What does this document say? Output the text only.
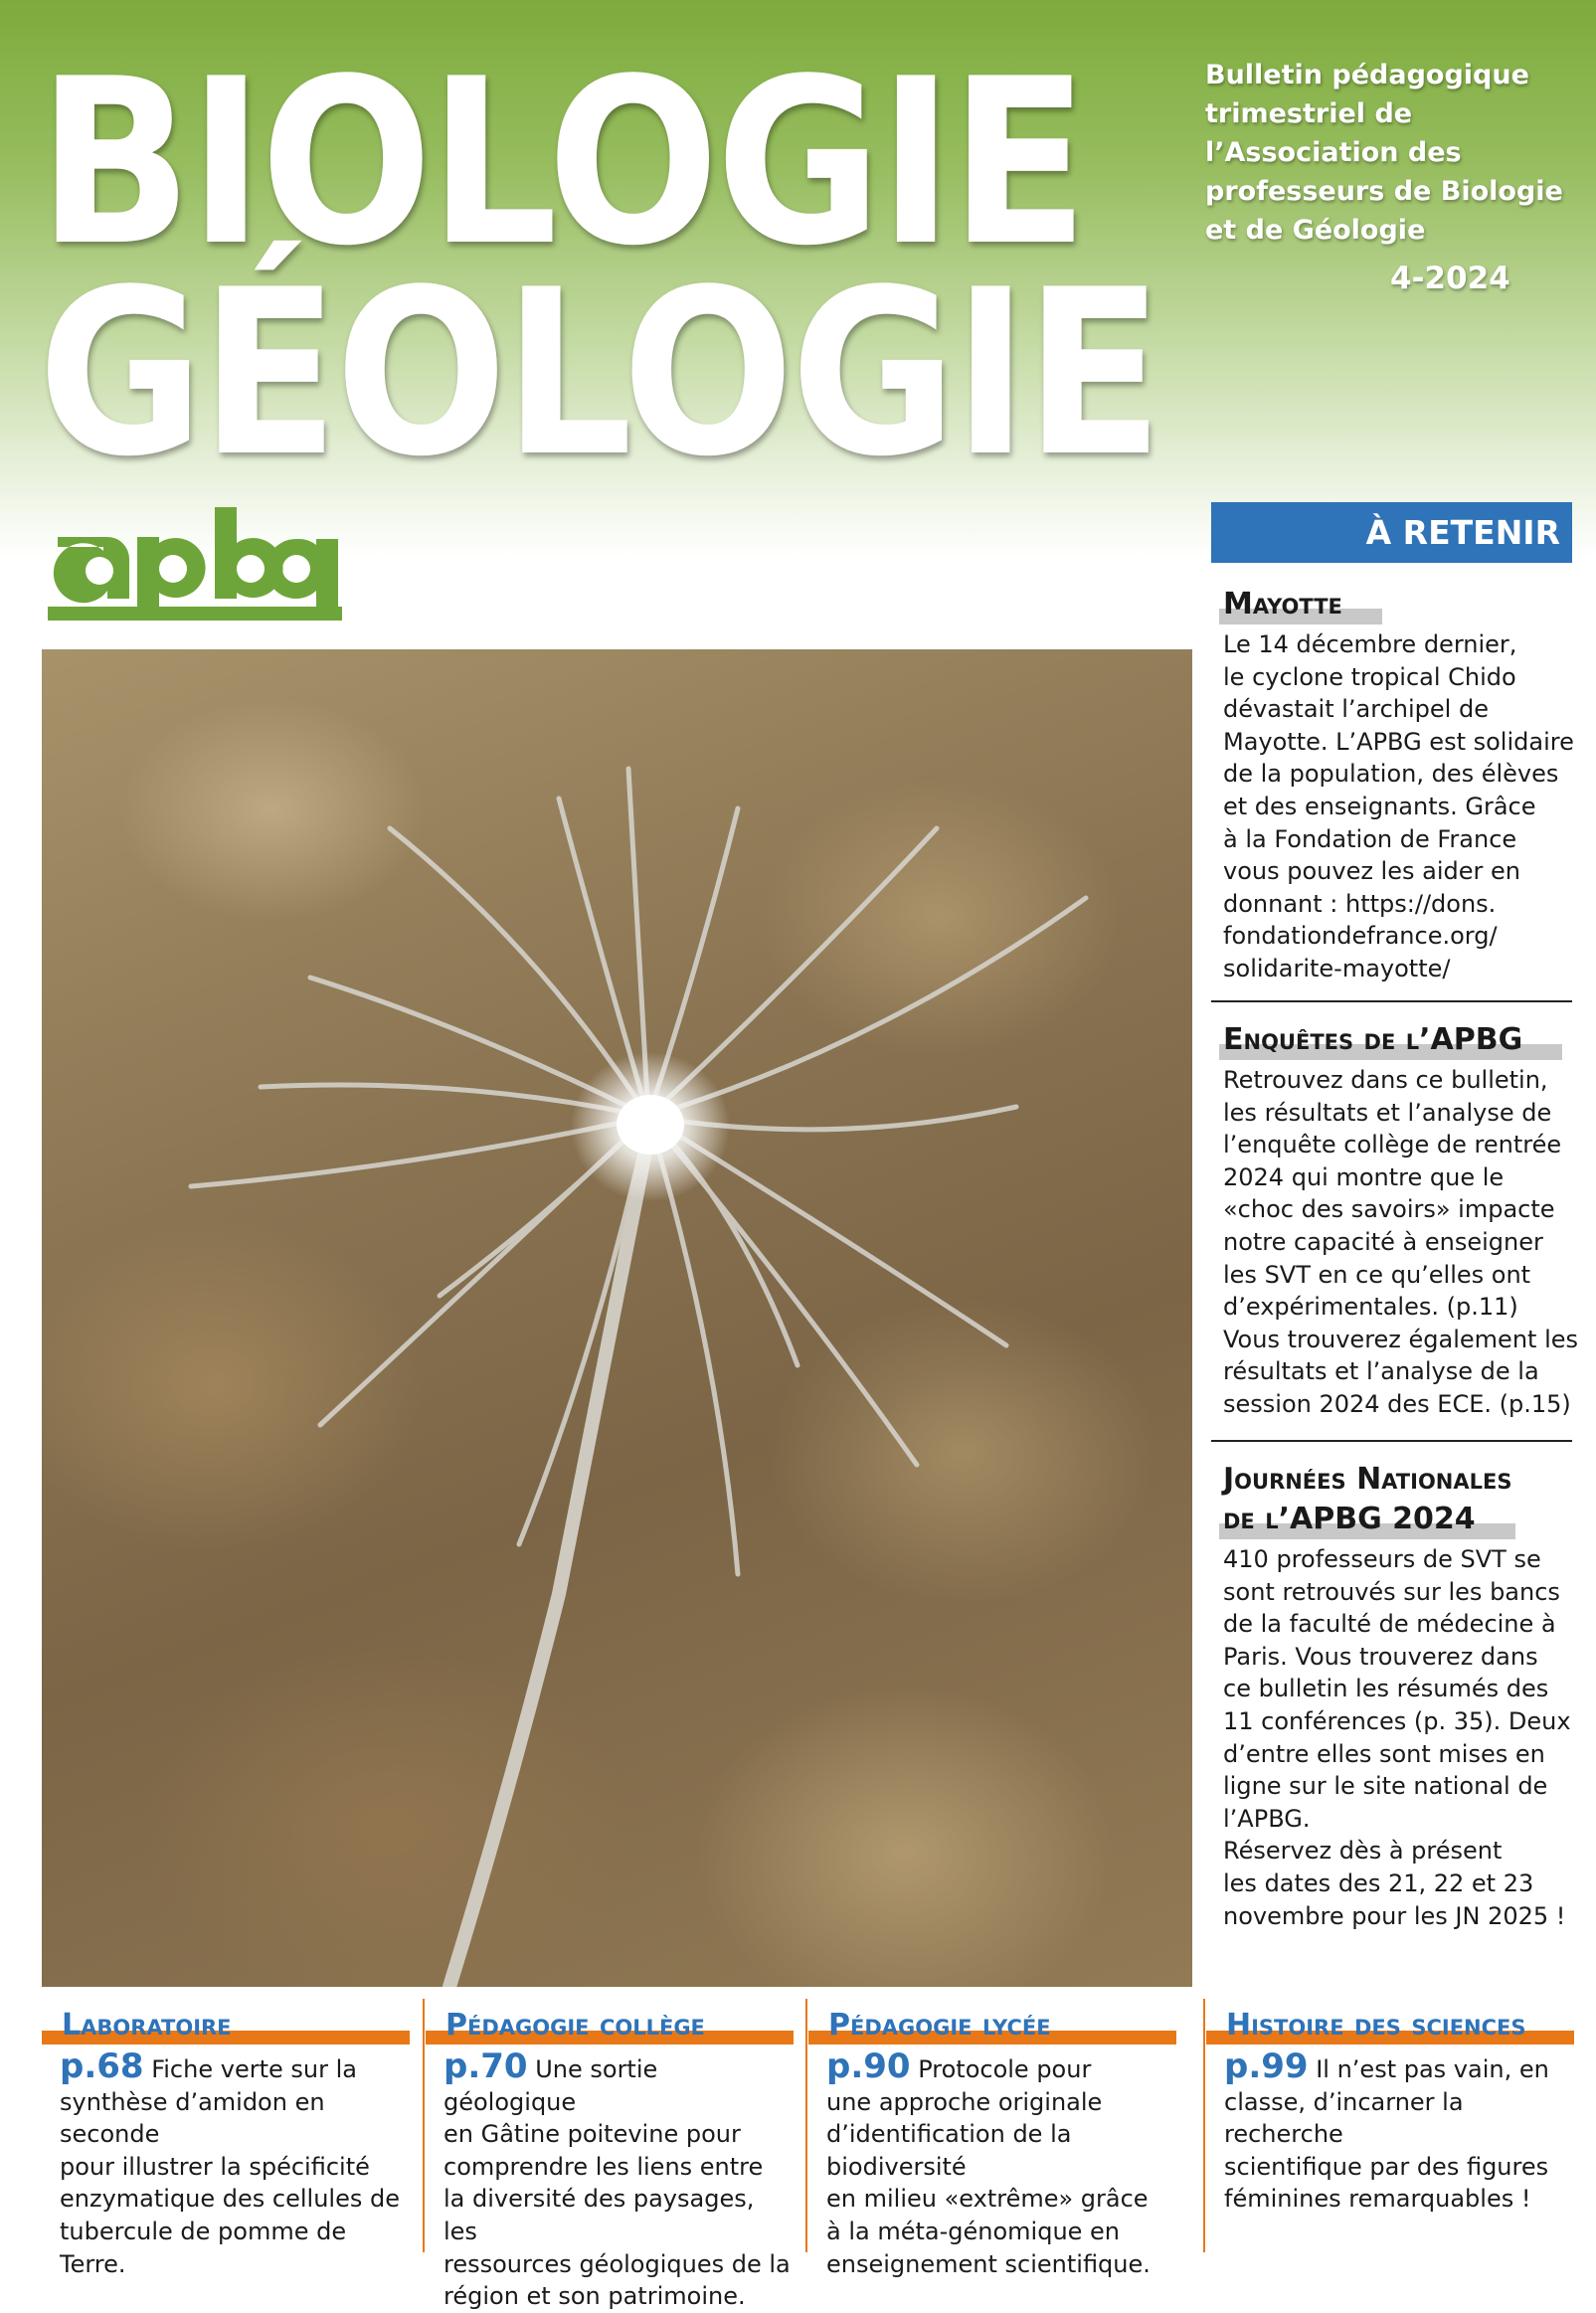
BIOLOGIE
GÉOLOGIE
Bulletin pédagogique
trimestriel de
l’Association des
professeurs de Biologie
et de Géologie
4-2024
À RETENIR
Mayotte
Le 14 décembre dernier,
le cyclone tropical Chido
dévastait l’archipel de
Mayotte. L’APBG est solidaire
de la population, des élèves
et des enseignants. Grâce
à la Fondation de France
vous pouvez les aider en
donnant : https://dons.
fondationdefrance.org/
solidarite-mayotte/
Enquêtes de l’APBG
Retrouvez dans ce bulletin,
les résultats et l’analyse de
l’enquête collège de rentrée
2024 qui montre que le
«choc des savoirs» impacte
notre capacité à enseigner
les SVT en ce qu’elles ont
d’expérimentales. (p.11)
Vous trouverez également les
résultats et l’analyse de la
session 2024 des ECE. (p.15)
Journées Nationales
de l’APBG 2024
410 professeurs de SVT se
sont retrouvés sur les bancs
de la faculté de médecine à
Paris. Vous trouverez dans
ce bulletin les résumés des
11 conférences (p. 35). Deux
d’entre elles sont mises en
ligne sur le site national de
l’APBG.
Réservez dès à présent
les dates des 21, 22 et 23
novembre pour les JN 2025 !
Laboratoire
p.68 Fiche verte sur la
synthèse d’amidon en seconde
pour illustrer la spécificité
enzymatique des cellules de
tubercule de pomme de Terre.
Pédagogie collège
p.70 Une sortie géologique
en Gâtine poitevine pour
comprendre les liens entre
la diversité des paysages, les
ressources géologiques de la
région et son patrimoine.
Pédagogie lycée
p.90 Protocole pour
une approche originale
d’identification de la biodiversité
en milieu «extrême» grâce
à la méta-génomique en
enseignement scientifique.
Histoire des sciences
p.99 Il n’est pas vain, en
classe, d’incarner la recherche
scientifique par des figures
féminines remarquables !
